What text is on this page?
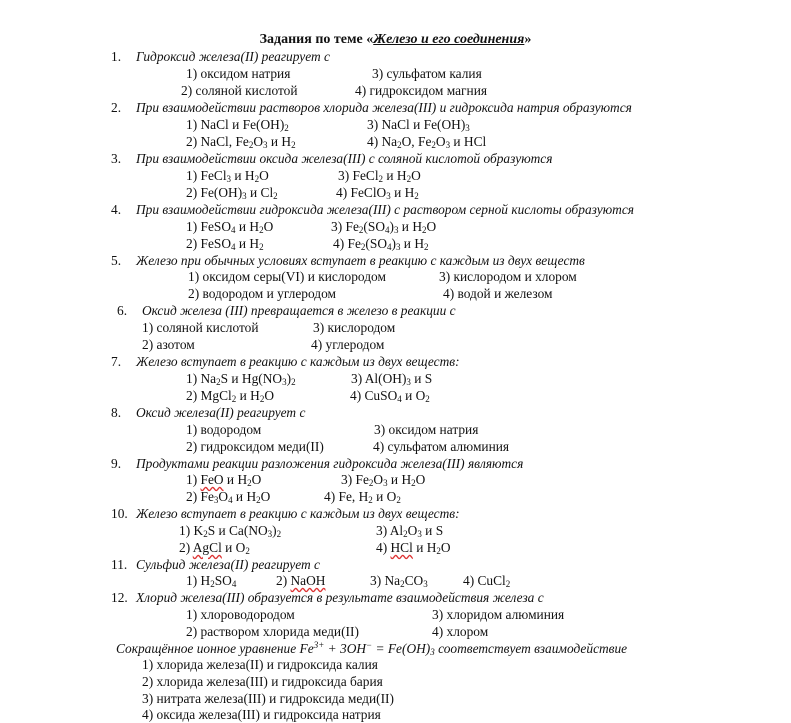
Задания по теме «Железо и его соединения»
1. Гидроксид железа(II) реагирует с
1) оксидом натрия	3) сульфатом калия
2) соляной кислотой	4) гидроксидом магния
2. При взаимодействии растворов хлорида железа(III) и гидроксида натрия образуются
1) NaCl и $Fe(OH)_2$	3) NaCl и $Fe(OH)_3$
2) NaCl, $Fe_2O_3$ и $H_2$	4) $Na_2O$, $Fe_2O_3$ и HCl
3. При взаимодействии оксида железа(III) с соляной кислотой образуются
1) FeCl$_3$ и $H_2O$	3) FeCl$_2$ и $H_2O$
2) $Fe(OH)_3$ и $Cl_2$	4) FeClO$_3$ и $H_2$
4. При взаимодействии гидроксида железа(III) с раствором серной кислоты образуются
1) FeSO$_4$ и $H_2O$	3) $Fe_2(SO_4)_3$ и $H_2O$
2) FeSO$_4$ и $H_2$	4) $Fe_2(SO_4)_3$ и $H_2$
5. Железо при обычных условиях вступает в реакцию с каждым из двух веществ
1) оксидом серы(VI) и кислородом	3) кислородом и хлором
2) водородом и углеродом	4) водой и железом
6. Оксид железа (III) превращается в железо в реакции с
1) соляной кислотой	3) кислородом
2) азотом	4) углеродом
7. Железо вступает в реакцию с каждым из двух веществ:
1) $Na_2S$ и $Hg(NO_3)_2$	3) $Al(OH)_3$ и S
2) MgCl$_2$ и $H_2O$	4) CuSO$_4$ и $O_2$
8. Оксид железа(II) реагирует с
1) водородом	3) оксидом натрия
2) гидроксидом меди(II)	4) сульфатом алюминия
9. Продуктами реакции разложения гидроксида железа(III) являются
1) FeO и $H_2O$	3) $Fe_2O_3$ и $H_2O$
2) $Fe_3O_4$ и $H_2O$	4) Fe, $H_2$ и $O_2$
10. Железо вступает в реакцию с каждым из двух веществ:
1) $K_2S$ и $Ca(NO_3)_2$	3) $Al_2O_3$ и S
2) AgCl и $O_2$	4) HCl и $H_2O$
11. Сульфид железа(II) реагирует с
1) $H_2SO_4$	2) NaOH	3) $Na_2CO_3$	4) CuCl$_2$
12. Хлорид железа(III) образуется в результате взаимодействия железа с
1) хлороводородом	3) хлоридом алюминия
2) раствором хлорида меди(II)	4) хлором
Сокращённое ионное уравнение $Fe^{3+} + 3OH^- = Fe(OH)_3$ соответствует взаимодействие
1) хлорида железа(II) и гидроксида калия
2) хлорида железа(III) и гидроксида бария
3) нитрата железа(III) и гидроксида меди(II)
4) оксида железа(III) и гидроксида натрия
